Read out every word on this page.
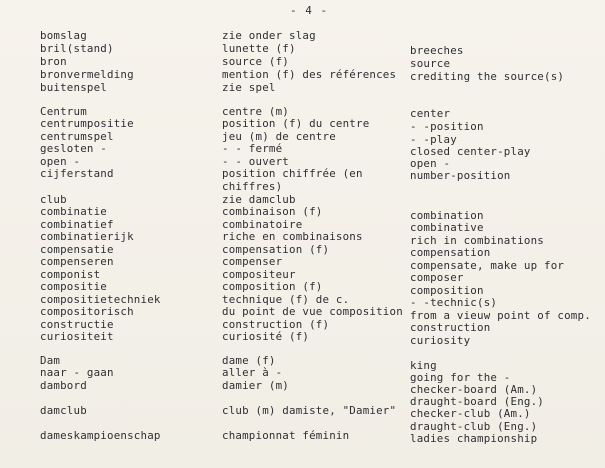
- 4 -
bomslag
bril(stand)
bron
bronvermelding
buitenspel
Centrum
centrumpositie
centrumspel
gesloten -
open -
cijferstand
club
combinatie
combinatief
combinatierijk
compensatie
compenseren
componist
compositie
compositietechniek
compositorisch
constructie
curiositeit
Dam
naar - gaan
dambord
damclub
dameskampioenschap
zie onder slag
lunette (f)
source (f)
mention (f) des références
zie spel
centre (m)
position (f) du centre
jeu (m) de centre
- - fermé
- - ouvert
position chiffrée (en
chiffres)
zie damclub
combinaison (f)
combinatoire
riche en combinaisons
compensation (f)
compenser
compositeur
composition (f)
technique (f) de c.
du point de vue composition
construction (f)
curiosité (f)
dame (f)
aller à -
damier (m)
club (m) damiste, "Damier"
championnat féminin
breeches
source
crediting the source(s)
center
- -position
- -play
closed center-play
open -
number-position
combination
combinative
rich in combinations
compensation
compensate, make up for
composer
composition
- -technic(s)
from a vieuw point of comp.
construction
curiosity
king
going for the -
checker-board (Am.)
draught-board (Eng.)
checker-club (Am.)
draught-club (Eng.)
ladies championship
